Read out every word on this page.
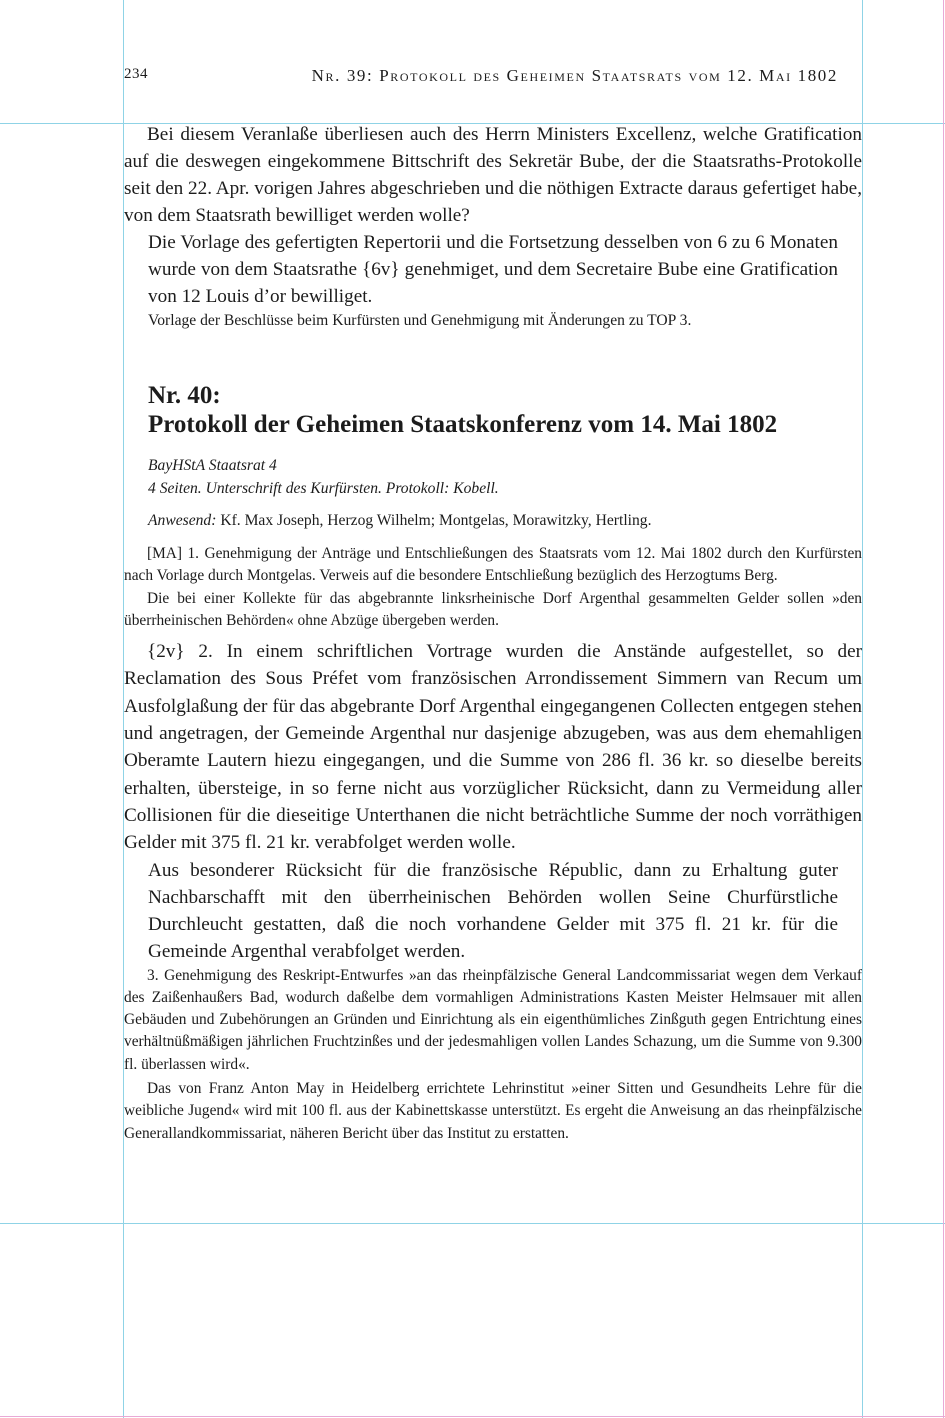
234	Nr. 39: Protokoll des Geheimen Staatsrats vom 12. Mai 1802

Bei diesem Veranlaße überliesen auch des Herrn Ministers Excellenz, welche Gratification auf die deswegen eingekommene Bittschrift des Sekretär Bube, der die Staatsraths-Protokolle seit den 22. Apr. vorigen Jahres abgeschrieben und die nöthigen Extracte daraus gefertiget habe, von dem Staatsrath bewilliget werden wolle?

Die Vorlage des gefertigten Repertorii und die Fortsetzung desselben von 6 zu 6 Monaten wurde von dem Staatsrathe {6v} genehmiget, und dem Secretaire Bube eine Gratification von 12 Louis d’or bewilliget.

Vorlage der Beschlüsse beim Kurfürsten und Genehmigung mit Änderungen zu TOP 3.

Nr. 40:
Protokoll der Geheimen Staatskonferenz vom 14. Mai 1802
BayHStA Staatsrat 4
4 Seiten. Unterschrift des Kurfürsten. Protokoll: Kobell.
Anwesend: Kf. Max Joseph, Herzog Wilhelm; Montgelas, Morawitzky, Hertling.

[MA] 1. Genehmigung der Anträge und Entschließungen des Staatsrats vom 12. Mai 1802 durch den Kurfürsten nach Vorlage durch Montgelas. Verweis auf die besondere Entschließung bezüglich des Herzogtums Berg.

Die bei einer Kollekte für das abgebrannte linksrheinische Dorf Argenthal gesammelten Gelder sollen »den überrheinischen Behörden« ohne Abzüge übergeben werden.

{2v} 2. In einem schriftlichen Vortrage wurden die Anstände aufgestellet, so der Reclamation des Sous Préfet vom französischen Arrondissement Simmern van Recum um Ausfolglaßung der für das abgebrante Dorf Argenthal eingegangenen Collecten entgegen stehen und angetragen, der Gemeinde Argenthal nur dasjenige abzugeben, was aus dem ehemahligen Oberamte Lautern hiezu eingegangen, und die Summe von 286 fl. 36 kr. so dieselbe bereits erhalten, übersteige, in so ferne nicht aus vorzüglicher Rücksicht, dann zu Vermeidung aller Collisionen für die dieseitige Unterthanen die nicht beträchtliche Summe der noch vorräthigen Gelder mit 375 fl. 21 kr. verabfolget werden wolle.

Aus besonderer Rücksicht für die französische Républic, dann zu Erhaltung guter Nachbarschafft mit den überrheinischen Behörden wollen Seine Churfürstliche Durchleucht gestatten, daß die noch vorhandene Gelder mit 375 fl. 21 kr. für die Gemeinde Argenthal verabfolget werden.

3. Genehmigung des Reskript-Entwurfes »an das rheinpfälzische General Landcommissariat wegen dem Verkauf des Zaißenhaußers Bad, wodurch daßelbe dem vormahligen Administrations Kasten Meister Helmsauer mit allen Gebäuden und Zubehörungen an Gründen und Einrichtung als ein eigenthümliches Zinßguth gegen Entrichtung eines verhältnüßmäßigen jährlichen Fruchtzinßes und der jedesmahligen vollen Landes Schazung, um die Summe von 9.300 fl. überlassen wird«.

Das von Franz Anton May in Heidelberg errichtete Lehrinstitut »einer Sitten und Gesundheits Lehre für die weibliche Jugend« wird mit 100 fl. aus der Kabinettskasse unterstützt. Es ergeht die Anweisung an das rheinpfälzische Generallandkommissariat, näheren Bericht über das Institut zu erstatten.
